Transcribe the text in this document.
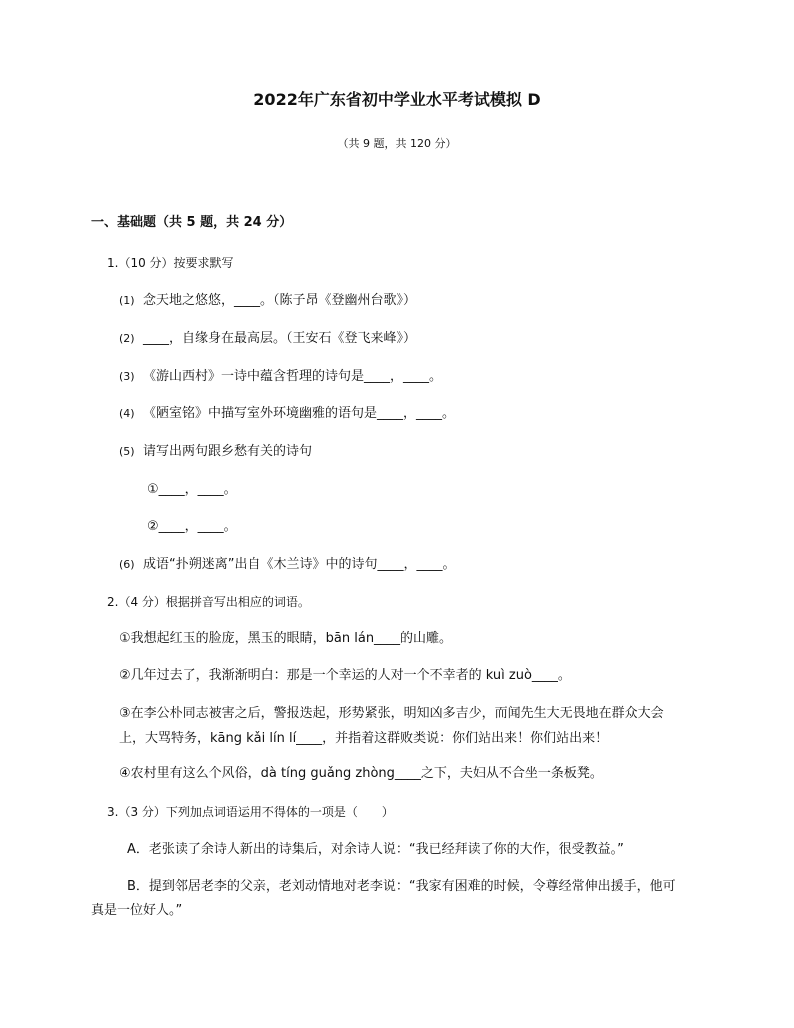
2022年广东省初中学业水平考试模拟 D
（共 9 题，共 120 分）
一、基础题（共 5 题，共 24 分）
1.（10 分）按要求默写
(1) 念天地之悠悠，____。（陈子昂《登幽州台歌》）
(2) ____，自缘身在最高层。（王安石《登飞来峰》）
(3) 《游山西村》一诗中蕴含哲理的诗句是____，____。
(4) 《陋室铭》中描写室外环境幽雅的语句是____，____。
(5) 请写出两句跟乡愁有关的诗句
①____，____。
②____，____。
(6) 成语“扑朔迷离”出自《木兰诗》中的诗句____，____。
2.（4 分）根据拼音写出相应的词语。
①我想起红玉的脸庞，黑玉的眼睛，bān lán____的山雕。
②几年过去了，我渐渐明白：那是一个幸运的人对一个不幸者的 kuì zuò____。
③在李公朴同志被害之后，警报迭起，形势紧张，明知凶多吉少，而闻先生大无畏地在群众大会
上，大骂特务，kāng kǎi lín lí____，并指着这群败类说：你们站出来！你们站出来！
④农村里有这么个风俗，dà tíng guǎng zhòng____之下，夫妇从不合坐一条板凳。
3.（3 分）下列加点词语运用不得体的一项是（　　）
A．老张读了余诗人新出的诗集后，对余诗人说：“我已经拜读了你的大作，很受教益。”
B．提到邻居老李的父亲，老刘动情地对老李说：“我家有困难的时候，令尊经常伸出援手，他可
真是一位好人。”
